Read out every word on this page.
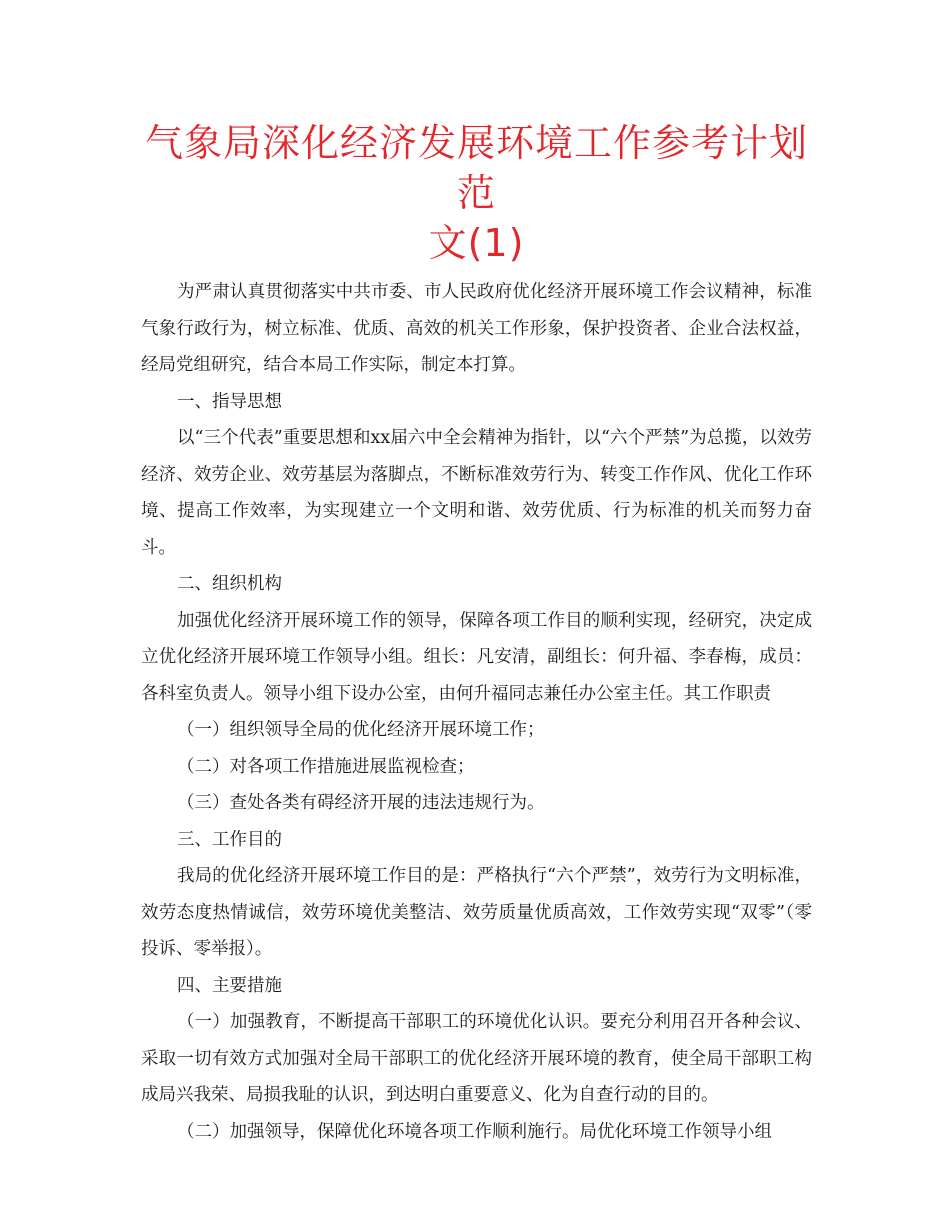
气象局深化经济发展环境工作参考计划范
文(1)

为严肃认真贯彻落实中共市委、市人民政府优化经济开展环境工作会议精神，标准气象行政行为，树立标准、优质、高效的机关工作形象，保护投资者、企业合法权益，经局党组研究，结合本局工作实际，制定本打算。

一、指导思想

以“三个代表”重要思想和xx届六中全会精神为指针，以“六个严禁”为总揽，以效劳经济、效劳企业、效劳基层为落脚点，不断标准效劳行为、转变工作作风、优化工作环境、提高工作效率，为实现建立一个文明和谐、效劳优质、行为标准的机关而努力奋斗。

二、组织机构

加强优化经济开展环境工作的领导，保障各项工作目的顺利实现，经研究，决定成立优化经济开展环境工作领导小组。组长：凡安清，副组长：何升福、李春梅，成员：各科室负责人。领导小组下设办公室，由何升福同志兼任办公室主任。其工作职责

（一）组织领导全局的优化经济开展环境工作；

（二）对各项工作措施进展监视检查；

（三）查处各类有碍经济开展的违法违规行为。

三、工作目的

我局的优化经济开展环境工作目的是：严格执行“六个严禁”，效劳行为文明标准，效劳态度热情诚信，效劳环境优美整洁、效劳质量优质高效，工作效劳实现“双零”（零投诉、零举报）。

四、主要措施

（一）加强教育，不断提高干部职工的环境优化认识。要充分利用召开各种会议、采取一切有效方式加强对全局干部职工的优化经济开展环境的教育，使全局干部职工构成局兴我荣、局损我耻的认识，到达明白重要意义、化为自查行动的目的。

（二）加强领导，保障优化环境各项工作顺利施行。局优化环境工作领导小组
